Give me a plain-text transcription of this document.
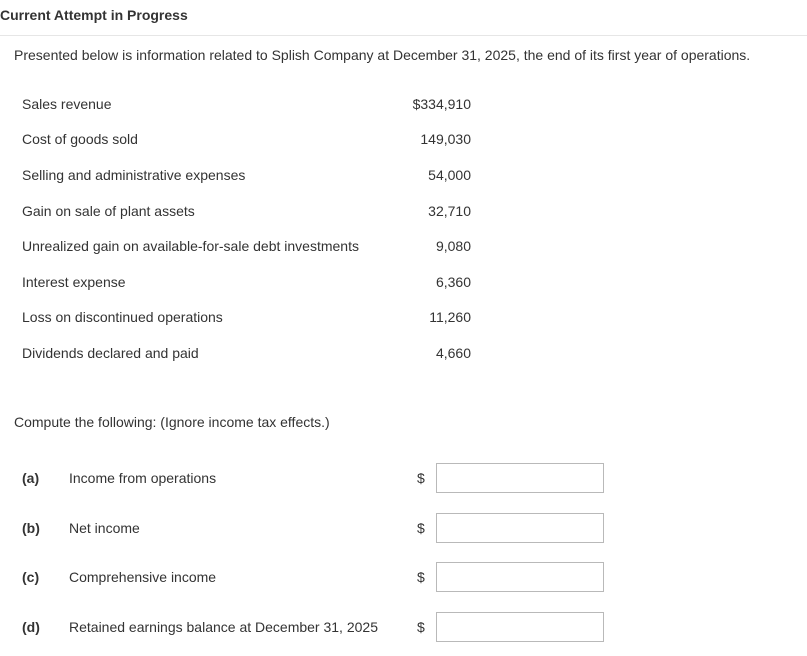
Current Attempt in Progress
Presented below is information related to Splish Company at December 31, 2025, the end of its first year of operations.
Sales revenue	$334,910
Cost of goods sold	149,030
Selling and administrative expenses	54,000
Gain on sale of plant assets	32,710
Unrealized gain on available-for-sale debt investments	9,080
Interest expense	6,360
Loss on discontinued operations	11,260
Dividends declared and paid	4,660
Compute the following: (Ignore income tax effects.)
(a) Income from operations	$
(b) Net income	$
(c) Comprehensive income	$
(d) Retained earnings balance at December 31, 2025	$
